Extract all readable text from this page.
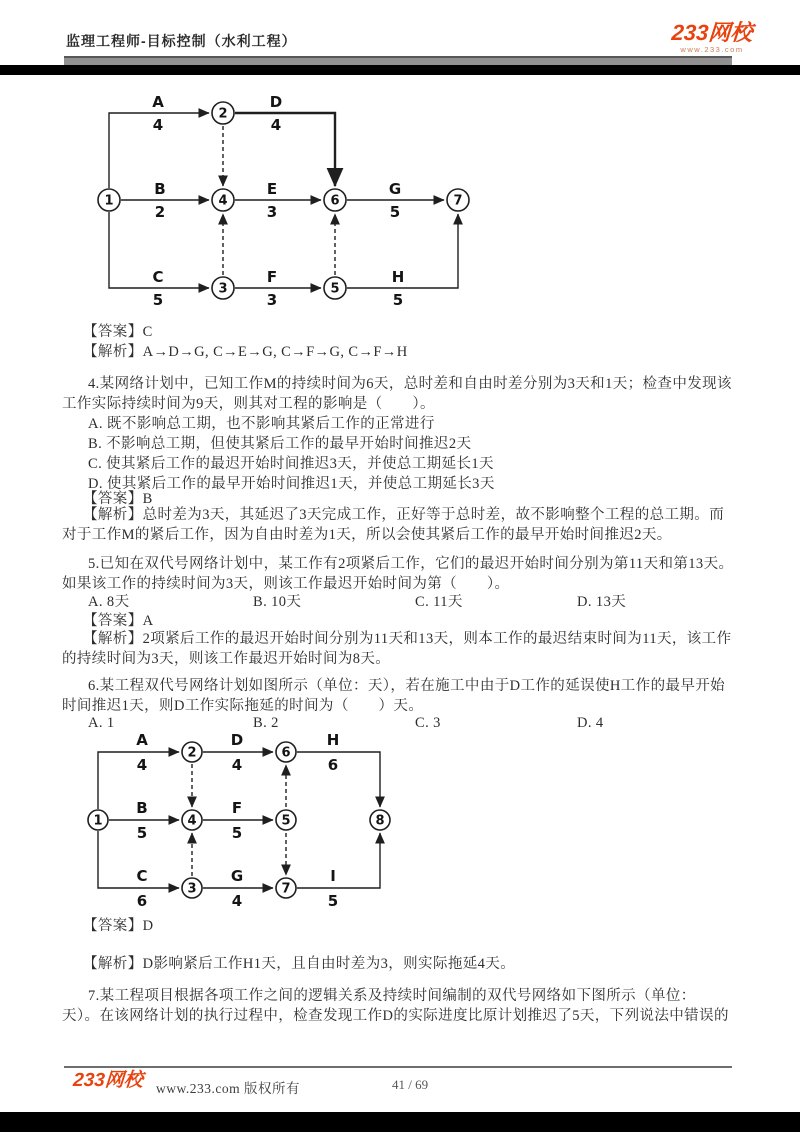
监理工程师-目标控制（水利工程）	233网校
www.233.com
A
4
D
4
B
2
E
3
G
5
C
5
F
3
H
5
1
2
3
4
5
6	7
【答案】C
【解析】A→D→G, C→E→G, C→F→G, C→F→H
4.某网络计划中，已知工作M的持续时间为6天，总时差和自由时差分别为3天和1天；检查中发现该
工作实际持续时间为9天，则其对工程的影响是（　　）。
A. 既不影响总工期，也不影响其紧后工作的正常进行
B. 不影响总工期，但使其紧后工作的最早开始时间推迟2天
C. 使其紧后工作的最迟开始时间推迟3天，并使总工期延长1天
D. 使其紧后工作的最早开始时间推迟1天，并使总工期延长3天
【答案】B
【解析】总时差为3天，其延迟了3天完成工作，正好等于总时差，故不影响整个工程的总工期。而
对于工作M的紧后工作，因为自由时差为1天，所以会使其紧后工作的最早开始时间推迟2天。
5.已知在双代号网络计划中，某工作有2项紧后工作，它们的最迟开始时间分别为第11天和第13天。
如果该工作的持续时间为3天，则该工作最迟开始时间为第（　　）。
A. 8天	B. 10天	C. 11天	D. 13天
【答案】A
【解析】2项紧后工作的最迟开始时间分别为11天和13天，则本工作的最迟结束时间为11天，该工作
的持续时间为3天，则该工作最迟开始时间为8天。
6.某工程双代号网络计划如图所示（单位：天），若在施工中由于D工作的延误使H工作的最早开始
时间推迟1天，则D工作实际拖延的时间为（　　）天。
A. 1	B. 2	C. 3	D. 4
A
4
D
4
H
6
B
5
F
5
C
6
G
4
I
5
1
2
3
4	5
6
7
8
【答案】D
【解析】D影响紧后工作H1天，且自由时差为3，则实际拖延4天。
7.某工程项目根据各项工作之间的逻辑关系及持续时间编制的双代号网络如下图所示（单位：
天）。在该网络计划的执行过程中，检查发现工作D的实际进度比原计划推迟了5天，下列说法中错误的
233网校 www.233.com 版权所有	41 / 69
